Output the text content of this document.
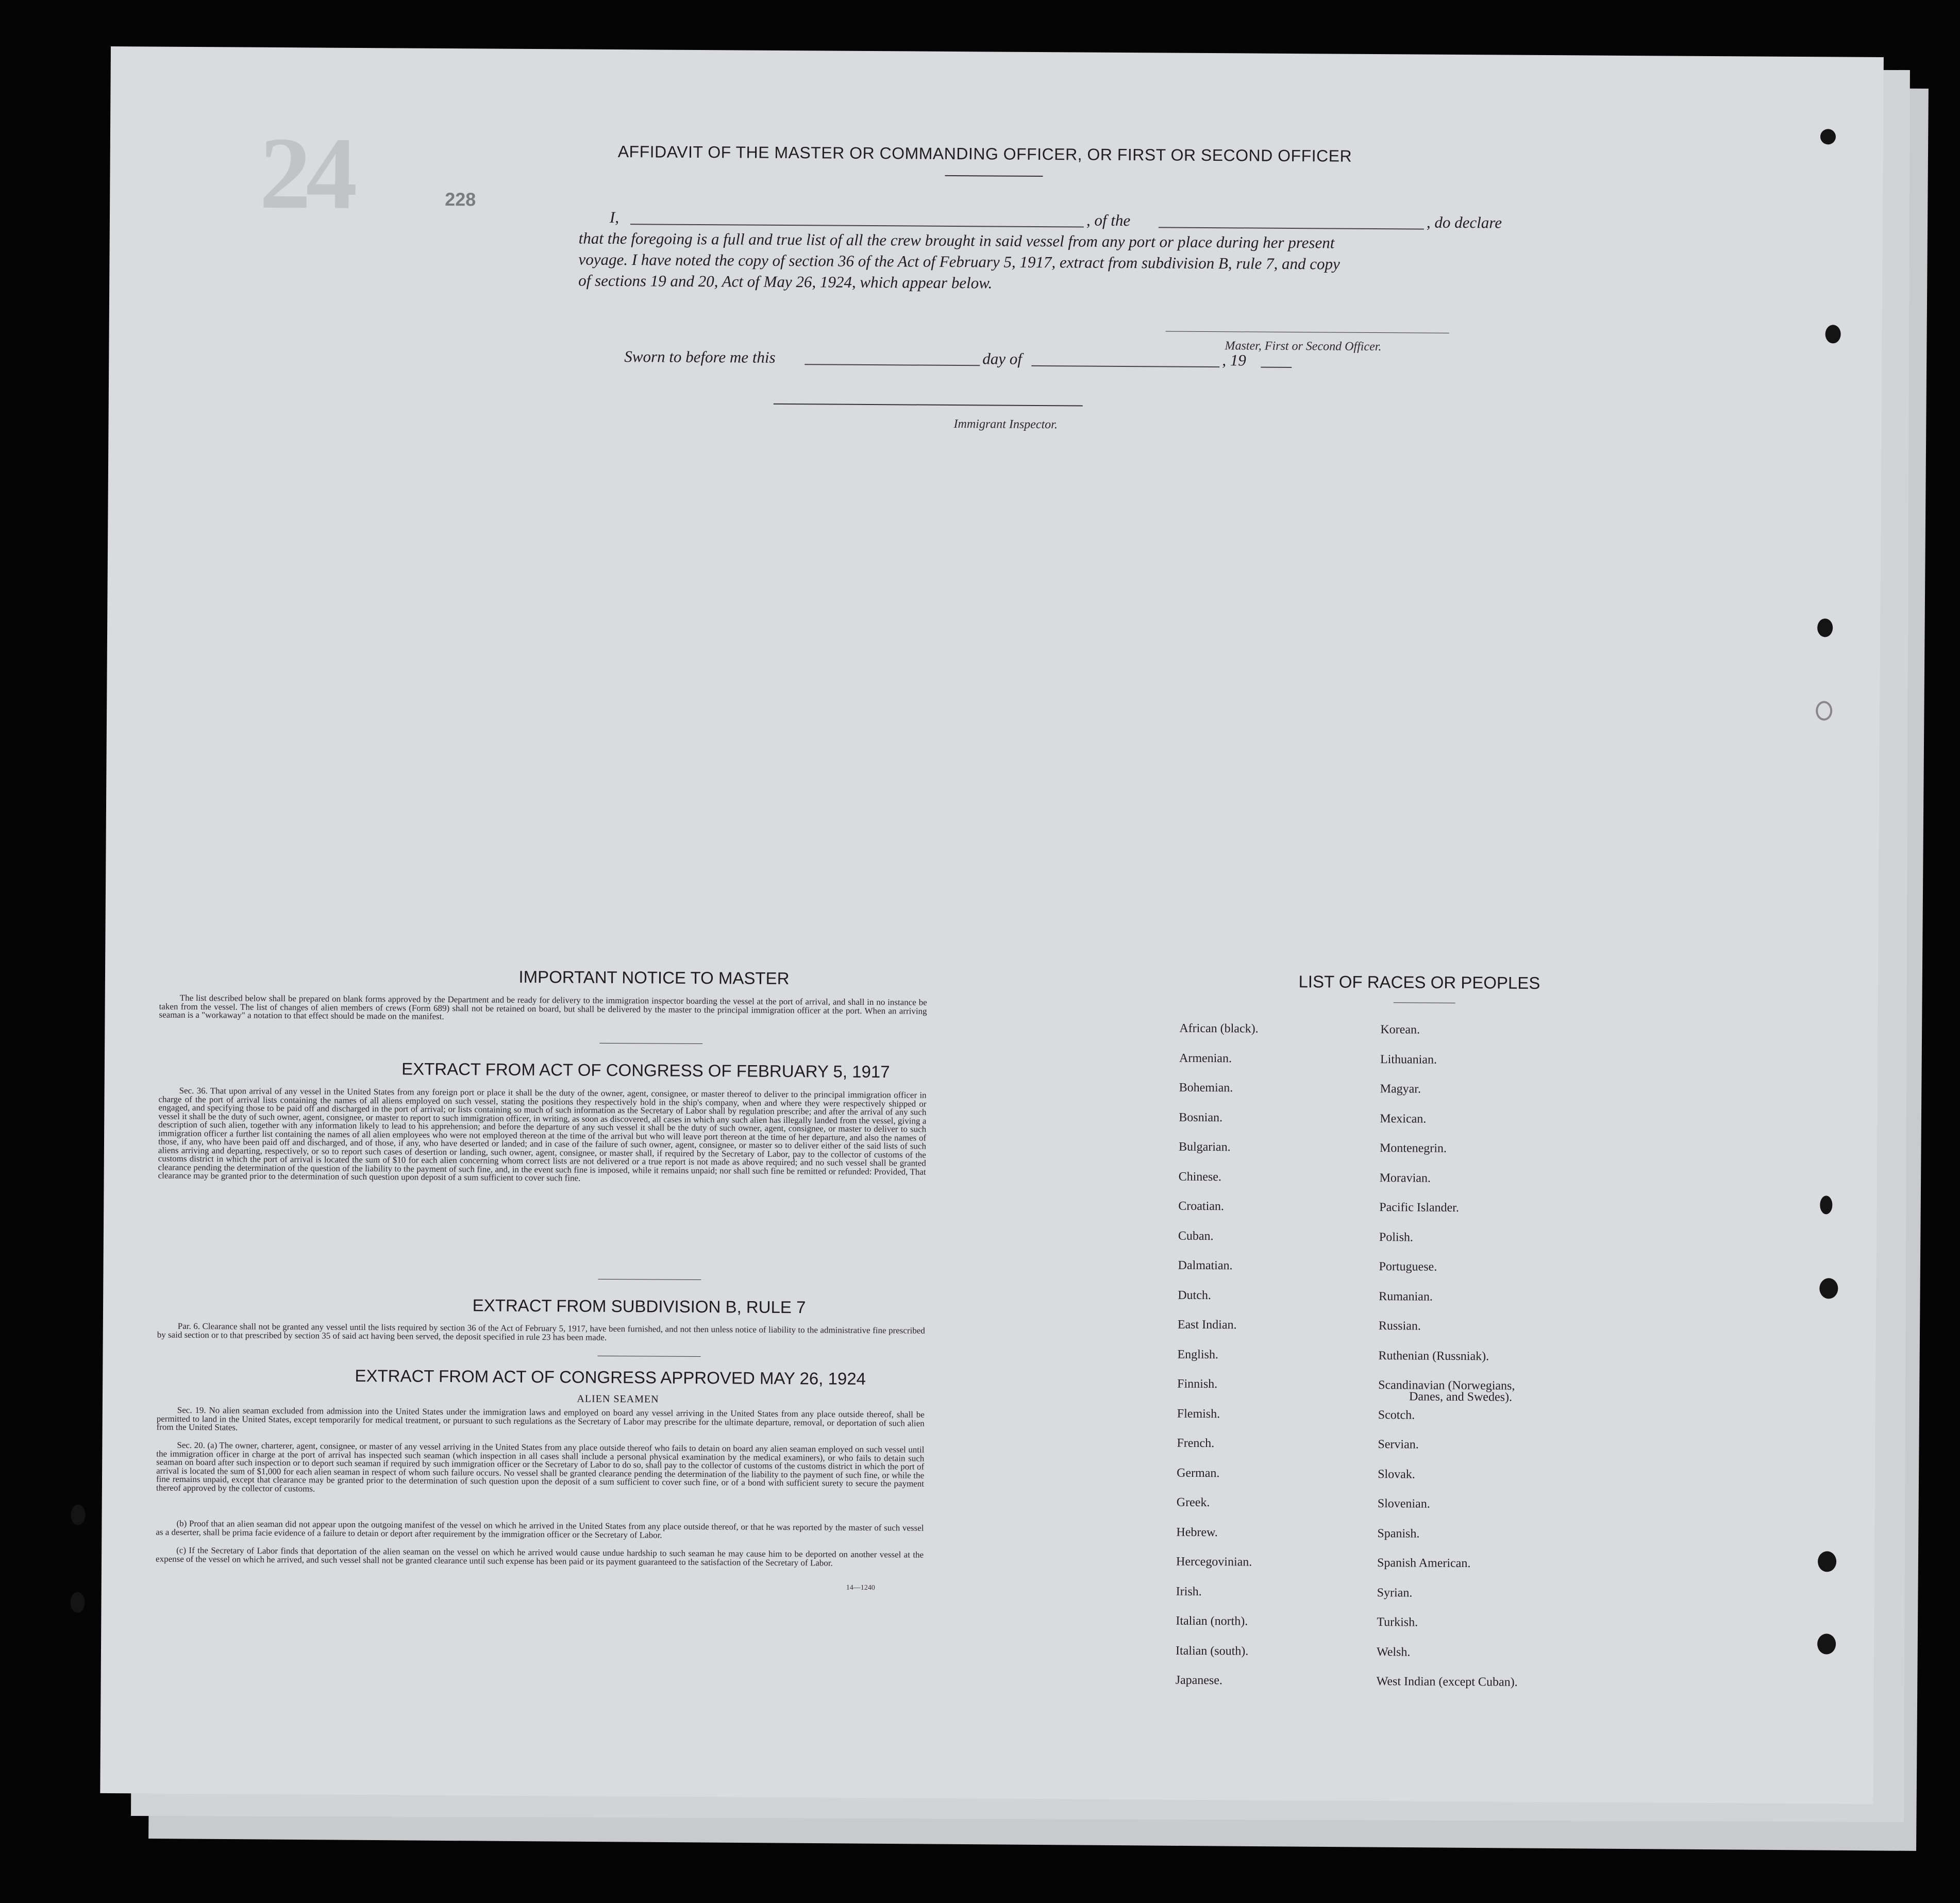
24	228
AFFIDAVIT OF THE MASTER OR COMMANDING OFFICER, OR FIRST OR SECOND OFFICER
I,	, of the	, do declare
that the foregoing is a full and true list of all the crew brought in said vessel from any port or place during her present
voyage. I have noted the copy of section 36 of the Act of February 5, 1917, extract from subdivision B, rule 7, and copy
of sections 19 and 20, Act of May 26, 1924, which appear below.
Master, First or Second Officer.
Sworn to before me this	day of	, 19
Immigrant Inspector.
IMPORTANT NOTICE TO MASTER
The list described below shall be prepared on blank forms approved by the Department and be ready for delivery to the immigration inspector boarding the vessel at the port of arrival, and shall in no instance be taken from the vessel. The list of changes of alien members of crews (Form 689) shall not be retained on board, but shall be delivered by the master to the principal immigration officer at the port. When an arriving seaman is a "workaway" a notation to that effect should be made on the manifest.
EXTRACT FROM ACT OF CONGRESS OF FEBRUARY 5, 1917
Sec. 36. That upon arrival of any vessel in the United States from any foreign port or place it shall be the duty of the owner, agent, consignee, or master thereof to deliver to the principal immigration officer in charge of the port of arrival lists containing the names of all aliens employed on such vessel, stating the positions they respectively hold in the ship's company, when and where they were respectively shipped or engaged, and specifying those to be paid off and discharged in the port of arrival; or lists containing so much of such information as the Secretary of Labor shall by regulation prescribe; and after the arrival of any such vessel it shall be the duty of such owner, agent, consignee, or master to report to such immigration officer, in writing, as soon as discovered, all cases in which any such alien has illegally landed from the vessel, giving a description of such alien, together with any information likely to lead to his apprehension; and before the departure of any such vessel it shall be the duty of such owner, agent, consignee, or master to deliver to such immigration officer a further list containing the names of all alien employees who were not employed thereon at the time of the arrival but who will leave port thereon at the time of her departure, and also the names of those, if any, who have been paid off and discharged, and of those, if any, who have deserted or landed; and in case of the failure of such owner, agent, consignee, or master so to deliver either of the said lists of such aliens arriving and departing, respectively, or so to report such cases of desertion or landing, such owner, agent, consignee, or master shall, if required by the Secretary of Labor, pay to the collector of customs of the customs district in which the port of arrival is located the sum of $10 for each alien concerning whom correct lists are not delivered or a true report is not made as above required; and no such vessel shall be granted clearance pending the determination of the question of the liability to the payment of such fine, and, in the event such fine is imposed, while it remains unpaid; nor shall such fine be remitted or refunded: Provided, That clearance may be granted prior to the determination of such question upon deposit of a sum sufficient to cover such fine.
EXTRACT FROM SUBDIVISION B, RULE 7
Par. 6. Clearance shall not be granted any vessel until the lists required by section 36 of the Act of February 5, 1917, have been furnished, and not then unless notice of liability to the administrative fine prescribed by said section or to that prescribed by section 35 of said act having been served, the deposit specified in rule 23 has been made.
EXTRACT FROM ACT OF CONGRESS APPROVED MAY 26, 1924
ALIEN SEAMEN
Sec. 19. No alien seaman excluded from admission into the United States under the immigration laws and employed on board any vessel arriving in the United States from any place outside thereof, shall be permitted to land in the United States, except temporarily for medical treatment, or pursuant to such regulations as the Secretary of Labor may prescribe for the ultimate departure, removal, or deportation of such alien from the United States.
Sec. 20. (a) The owner, charterer, agent, consignee, or master of any vessel arriving in the United States from any place outside thereof who fails to detain on board any alien seaman employed on such vessel until the immigration officer in charge at the port of arrival has inspected such seaman (which inspection in all cases shall include a personal physical examination by the medical examiners), or who fails to detain such seaman on board after such inspection or to deport such seaman if required by such immigration officer or the Secretary of Labor to do so, shall pay to the collector of customs of the customs district in which the port of arrival is located the sum of $1,000 for each alien seaman in respect of whom such failure occurs. No vessel shall be granted clearance pending the determination of the liability to the payment of such fine, or while the fine remains unpaid, except that clearance may be granted prior to the determination of such question upon the deposit of a sum sufficient to cover such fine, or of a bond with sufficient surety to secure the payment thereof approved by the collector of customs.
(b) Proof that an alien seaman did not appear upon the outgoing manifest of the vessel on which he arrived in the United States from any place outside thereof, or that he was reported by the master of such vessel as a deserter, shall be prima facie evidence of a failure to detain or deport after requirement by the immigration officer or the Secretary of Labor.
(c) If the Secretary of Labor finds that deportation of the alien seaman on the vessel on which he arrived would cause undue hardship to such seaman he may cause him to be deported on another vessel at the expense of the vessel on which he arrived, and such vessel shall not be granted clearance until such expense has been paid or its payment guaranteed to the satisfaction of the Secretary of Labor.
14—1240
LIST OF RACES OR PEOPLES
African (black).
Armenian.
Bohemian.
Bosnian.
Bulgarian.
Chinese.
Croatian.
Cuban.
Dalmatian.
Dutch.
East Indian.
English.
Finnish.
Flemish.
French.
German.
Greek.
Hebrew.
Hercegovinian.
Irish.
Italian (north).
Italian (south).
Japanese.
Korean.
Lithuanian.
Magyar.
Mexican.
Montenegrin.
Moravian.
Pacific Islander.
Polish.
Portuguese.
Rumanian.
Russian.
Ruthenian (Russniak).
Scandinavian (Norwegians,
Danes, and Swedes).
Scotch.
Servian.
Slovak.
Slovenian.
Spanish.
Spanish American.
Syrian.
Turkish.
Welsh.
West Indian (except Cuban).
